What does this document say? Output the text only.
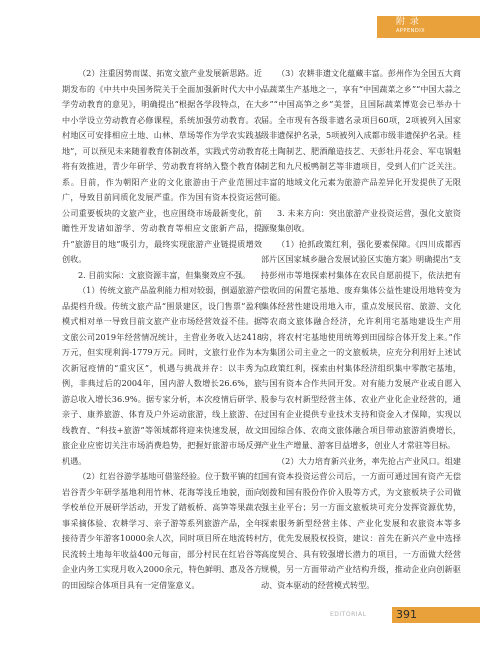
附 录
APPENDIX

（2）注重因势而谋、拓宽文旅产业发展新思路。近期发布的《中共中央国务院关于全面加强新时代大中小学劳动教育的意见》，明确提出“根据各学段特点，在大中小学设立劳动教育必修课程，系统加强劳动教育。农村地区可安排相应土地、山林、草场等作为学农实践基地”，可以预见未来随着教育体制改革，实践式劳动教育将有效推进，青少年研学、劳动教育将纳入整个教育体系。目前，作为朝阳产业的文化旅游由于产业范围过广，导致目前同质化发展严重。作为国有资本投资运营公司重要板块的文旅产业，也应围绕市场最新变化，前瞻性开发诸如游学、劳动教育等相应文旅新产品，提升“旅游目的地”吸引力，最终实现旅游产业链提质增效创收。

2. 目前实际：文旅资源丰富，但集聚效应不强。

（1）传统文旅产品盈利能力相对较弱，倒逼旅游产品提档升级。传统文旅产品“围景建区，设门售票”盈利模式相对单一导致目前文旅产业市场经营效益不佳。据文旅公司2019年经营情况统计，主营业务收入达2418万元，但实现利润-1779万元。同时，文旅行业作为本次新冠疫情的“重灾区”，机遇与挑战并存：以丰秀为例，非典过后的2004年，国内游人数增长26.6%，旅游总收入增长36.9%。据专家分析，本次疫情后研学、亲子、康养旅游、体育及户外运动旅游，线上旅游、在线教育、“科技+旅游”等领域都将迎来快速发展，故文旅企业应密切关注市场消费趋势，把握好旅游市场反弹机遇。

（2）红岩谷游学基地可借鉴经验。位于数平镇的红岩谷青少年研学基地利用竹林、花海等浅丘地貌，面向学校单位开展研学活动，开发了踏板桥、高笋等果蔬农事采摘体验、农耕学习、亲子游等系列旅游产品，全年接待青少年游客10000余人次，同时项目所在地流转村民流转土地每年收益400元每亩，部分村民在红岩谷等企业内务工实现月收入2000余元，特色鲜明、惠及各方的田园综合体项目具有一定借鉴意义。

（3）农耕非遗文化蕴藏丰富。彭州作为全国五大商品蔬菜生产基地之一，享有“中国蔬菜之乡”“中国大蒜之乡”“中国高笋之乡”美誉，且国际蔬菜博览会已举办十届。全市现有各级非遗名录项目60项，2项被列入国家级非遗保护名录，5项被列入成都市级非遗保护名录。桂花土陶制艺、肥酒酿造技艺、天彭牡丹花会、军屯锅魁制艺和九尺板鸭制艺等非遗项目，受到人们广泛关注。丰富的地域文化元素为旅游产品差异化开发提供了无限可能。

3. 未来方向：突出旅游产业投资运营，强化文旅资源聚集创收。

（1）抢抓政策红利，强化要素保障。《四川成都西部片区国家城乡融合发展试验区实施方案》明确提出“支持彭州市等地探索村集体在农民自愿前提下，依法把有偿收回的闲置宅基地、废弃集体公益性建设用地转变为集体经营性建设用地入市，重点发展民宿、旅游、文化等农商文旅体融合经济，允许利用宅基地建设生产用房，将农村宅基地使用统筹到田园综合体开发上来。”作为集团公司主业之一的文旅板块，应充分利用好上述试点政策红利，探索由村集体经济组织集中零散宅基地，与国有资本合作共同开发。对有能力发展产业或自愿入股参与农村新型经营主体、农业产业化企业经营的，通过国有企业提供专业技术支持和资金入才保障，实现以田园综合体、农商文旅体融合项目带动旅游消费增长，产业生产增量、游客目益增多，创业人才常驻等目标。

（2）大力培育新兴业务，率先抢占产业风口。组建国有资本投资运营公司后，一方面可通过国有资产无偿划拨和国有股份作价入股等方式，为文旅板块子公司做强主业平台；另一方面文旅板块可充分发挥资源优势，探索服务新型经营主体、产业化发展和农旅资本等多方，优先发展股权投资，建议：首先在新兴产业中选择高度契合、具有较强增长潜力的项目，一方面做大经营规模，另一方面带动产业结构升级，推动企业向创新驱动、资本驱动的经营模式转型。

EDITORIAL	391
